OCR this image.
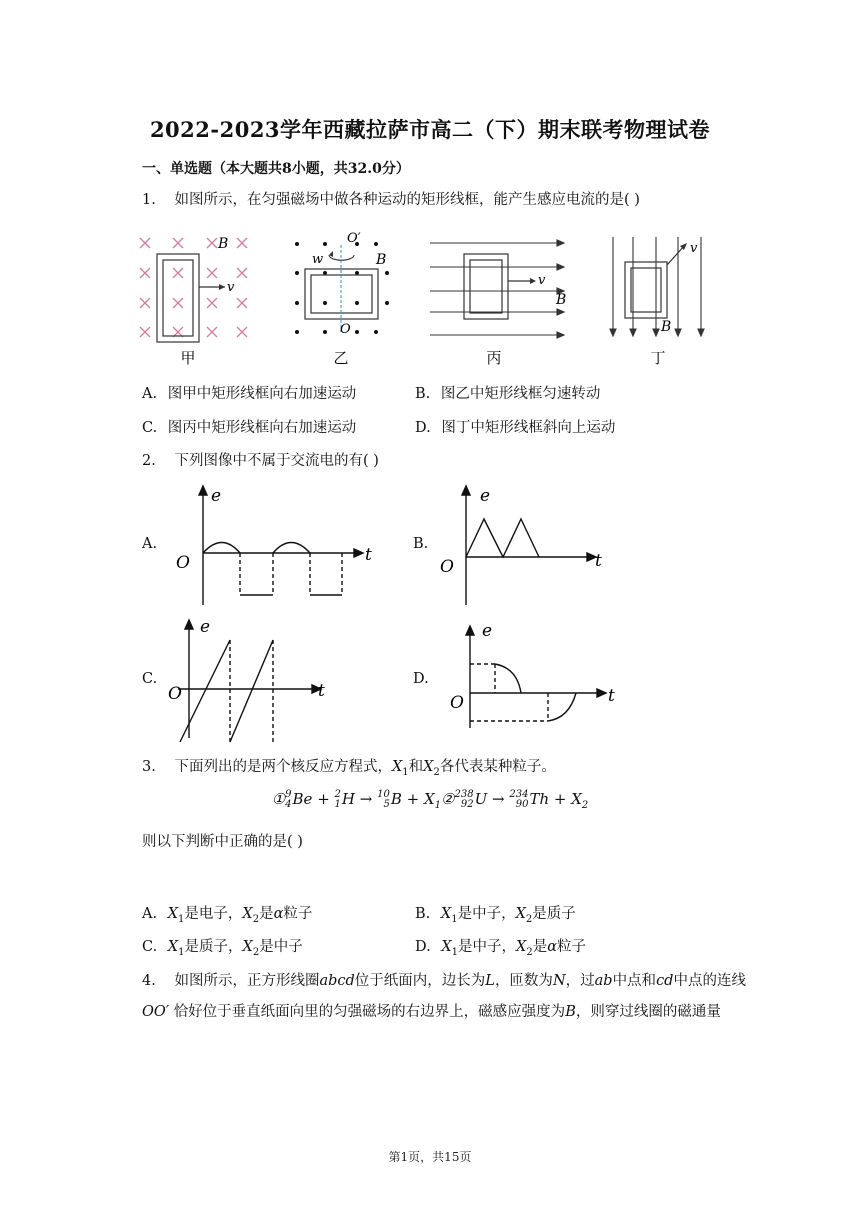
2022-2023学年西藏拉萨市高二（下）期末联考物理试卷
一、单选题（本大题共8小题，共32.0分）
1. 如图所示，在匀强磁场中做各种运动的矩形线框，能产生感应电流的是( )
v
B
甲
O′
w	B
O
乙
v
B
丙
v
B
丁
A. 图甲中矩形线框向右加速运动	B. 图乙中矩形线框匀速转动
C. 图丙中矩形线框向右加速运动	D. 图丁中矩形线框斜向上运动
2. 下列图像中不属于交流电的有( )
A.	B.
C.	D.
e
t
O
e
t
O
e
t
O
e
t
O
3. 下面列出的是两个核反应方程式，$X_1$和$X_2$各代表某种粒子。
① 9
4 Be + 2
1 H → 10
5 $B + X_1②$ 238
92 U → 234
90 $Th + X_2$
则以下判断中正确的是( )
A. $X_1$是电子，$X_2$是α粒子	B. $X_1$是中子，$X_2$是质子
C. $X_1$是质子，$X_2$是中子	D. $X_1$是中子，$X_2$是α粒子
4. 如图所示，正方形线圈abcd位于纸面内，边长为L，匝数为N，过ab中点和cd中点的连线
OO′ 恰好位于垂直纸面向里的匀强磁场的右边界上，磁感应强度为B，则穿过线圈的磁通量
第1页，共15页
